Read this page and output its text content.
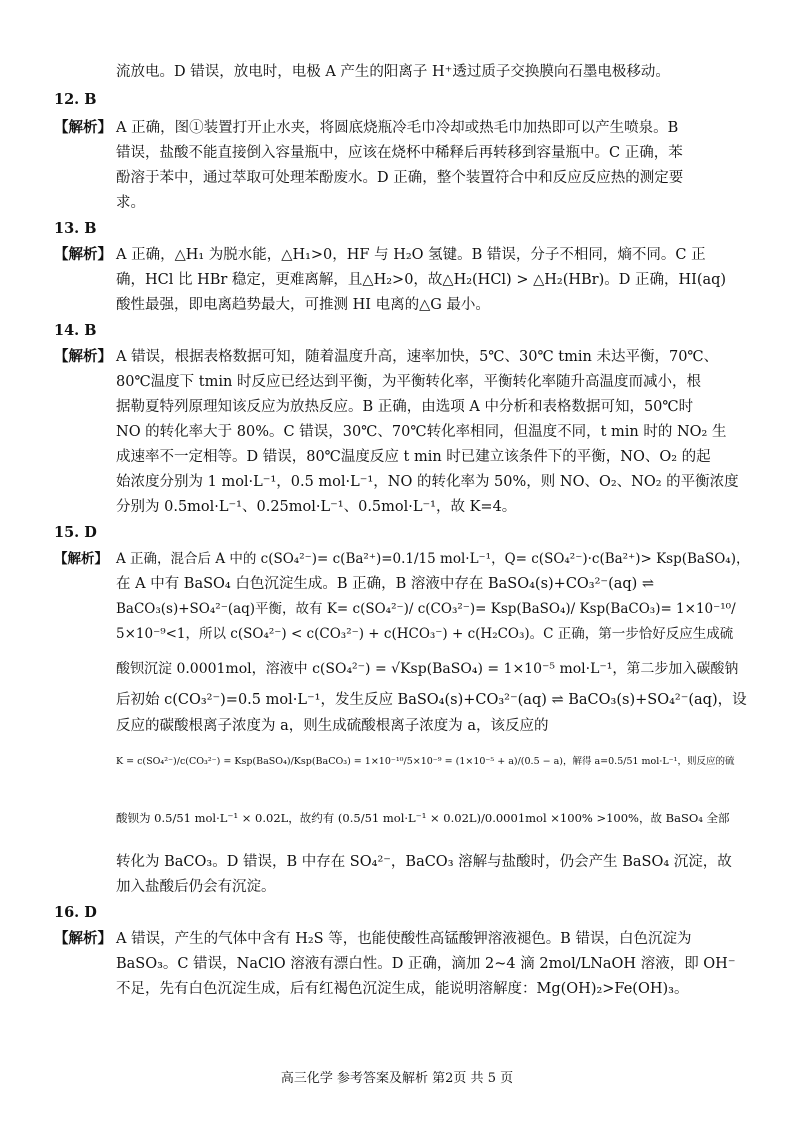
流放电。D 错误，放电时，电极 A 产生的阳离子 H⁺透过质子交换膜向石墨电极移动。
12. B
【解析】 A 正确，图①装置打开止水夹，将圆底烧瓶冷毛巾冷却或热毛巾加热即可以产生喷泉。B
错误，盐酸不能直接倒入容量瓶中，应该在烧杯中稀释后再转移到容量瓶中。C 正确，苯
酚溶于苯中，通过萃取可处理苯酚废水。D 正确，整个装置符合中和反应反应热的测定要
求。
13. B
【解析】 A 正确，△H₁ 为脱水能，△H₁>0，HF 与 H₂O 氢键。B 错误，分子不相同，熵不同。C 正
确，HCl 比 HBr 稳定，更难离解，且△H₂>0，故△H₂(HCl) > △H₂(HBr)。D 正确，HI(aq)
酸性最强，即电离趋势最大，可推测 HI 电离的△G 最小。
14. B
【解析】 A 错误，根据表格数据可知，随着温度升高，速率加快，5℃、30℃ tmin 未达平衡，70℃、
80℃温度下 tmin 时反应已经达到平衡，为平衡转化率，平衡转化率随升高温度而减小，根
据勒夏特列原理知该反应为放热反应。B 正确，由选项 A 中分析和表格数据可知，50℃时
NO 的转化率大于 80%。C 错误，30℃、70℃转化率相同，但温度不同，t min 时的 NO₂ 生
成速率不一定相等。D 错误，80℃温度反应 t min 时已建立该条件下的平衡，NO、O₂ 的起
始浓度分别为 1 mol·L⁻¹，0.5 mol·L⁻¹，NO 的转化率为 50%，则 NO、O₂、NO₂ 的平衡浓度
分别为 0.5mol·L⁻¹、0.25mol·L⁻¹、0.5mol·L⁻¹，故 K=4。
15. D
【解析】 A 正确，混合后 A 中的 c(SO₄²⁻)= c(Ba²⁺)=0.1/15 mol·L⁻¹，Q= c(SO₄²⁻)·c(Ba²⁺)> Ksp(BaSO₄)，
在 A 中有 BaSO₄ 白色沉淀生成。B 正确，B 溶液中存在 BaSO₄(s)+CO₃²⁻(aq) ⇌
BaCO₃(s)+SO₄²⁻(aq)平衡，故有 K= c(SO₄²⁻)/ c(CO₃²⁻)= Ksp(BaSO₄)/ Ksp(BaCO₃)= 1×10⁻¹⁰/
5×10⁻⁹<1，所以 c(SO₄²⁻) < c(CO₃²⁻) + c(HCO₃⁻) + c(H₂CO₃)。C 正确，第一步恰好反应生成硫
酸钡沉淀 0.0001mol，溶液中 c(SO₄²⁻) = √Ksp(BaSO₄) = 1×10⁻⁵ mol·L⁻¹，第二步加入碳酸钠
后初始 c(CO₃²⁻)=0.5 mol·L⁻¹，发生反应 BaSO₄(s)+CO₃²⁻(aq) ⇌ BaCO₃(s)+SO₄²⁻(aq)，设
反应的碳酸根离子浓度为 a，则生成硫酸根离子浓度为 a，该反应的
K = c(SO₄²⁻)/c(CO₃²⁻) = Ksp(BaSO₄)/Ksp(BaCO₃) = 1×10⁻¹⁰/5×10⁻⁹ = (1×10⁻⁵ + a)/(0.5 − a)，解得 a=0.5/51 mol·L⁻¹，则反应的硫
酸钡为 0.5/51 mol·L⁻¹ × 0.02L，故约有 (0.5/51 mol·L⁻¹ × 0.02L)/0.0001mol ×100% >100%，故 BaSO₄ 全部
转化为 BaCO₃。D 错误，B 中存在 SO₄²⁻，BaCO₃ 溶解与盐酸时，仍会产生 BaSO₄ 沉淀，故
加入盐酸后仍会有沉淀。
16. D
【解析】 A 错误，产生的气体中含有 H₂S 等，也能使酸性高锰酸钾溶液褪色。B 错误，白色沉淀为
BaSO₃。C 错误，NaClO 溶液有漂白性。D 正确，滴加 2~4 滴 2mol/LNaOH 溶液，即 OH⁻
不足，先有白色沉淀生成，后有红褐色沉淀生成，能说明溶解度：Mg(OH)₂>Fe(OH)₃。
高三化学 参考答案及解析 第2页 共 5 页
